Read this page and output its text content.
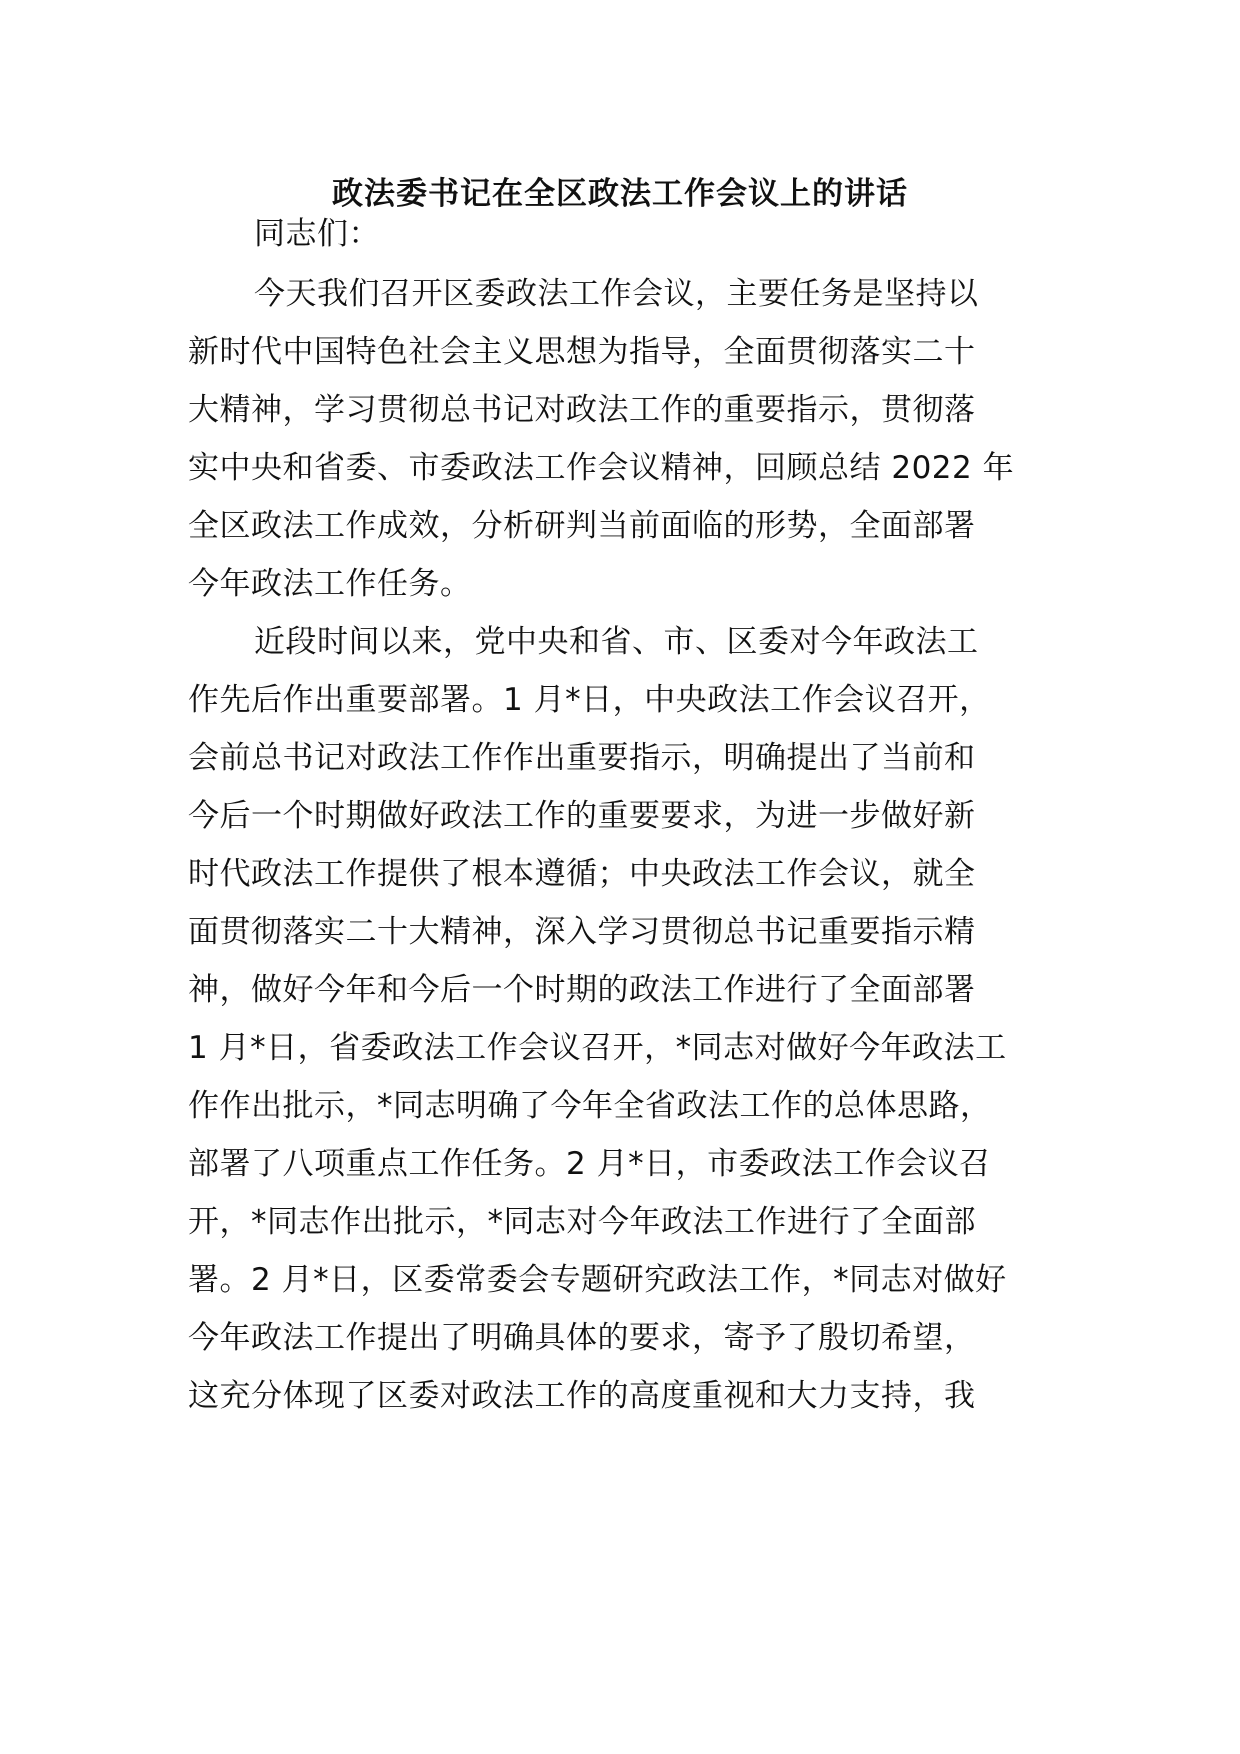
政法委书记在全区政法工作会议上的讲话
同志们：
今天我们召开区委政法工作会议，主要任务是坚持以
新时代中国特色社会主义思想为指导，全面贯彻落实二十
大精神，学习贯彻总书记对政法工作的重要指示，贯彻落
实中央和省委、市委政法工作会议精神，回顾总结 2022 年
全区政法工作成效，分析研判当前面临的形势，全面部署
今年政法工作任务。
近段时间以来，党中央和省、市、区委对今年政法工
作先后作出重要部署。1 月*日，中央政法工作会议召开，
会前总书记对政法工作作出重要指示，明确提出了当前和
今后一个时期做好政法工作的重要要求，为进一步做好新
时代政法工作提供了根本遵循；中央政法工作会议，就全
面贯彻落实二十大精神，深入学习贯彻总书记重要指示精
神，做好今年和今后一个时期的政法工作进行了全面部署
1 月*日，省委政法工作会议召开，*同志对做好今年政法工
作作出批示，*同志明确了今年全省政法工作的总体思路，
部署了八项重点工作任务。2 月*日，市委政法工作会议召
开，*同志作出批示，*同志对今年政法工作进行了全面部
署。2 月*日，区委常委会专题研究政法工作，*同志对做好
今年政法工作提出了明确具体的要求，寄予了殷切希望，
这充分体现了区委对政法工作的高度重视和大力支持，我
